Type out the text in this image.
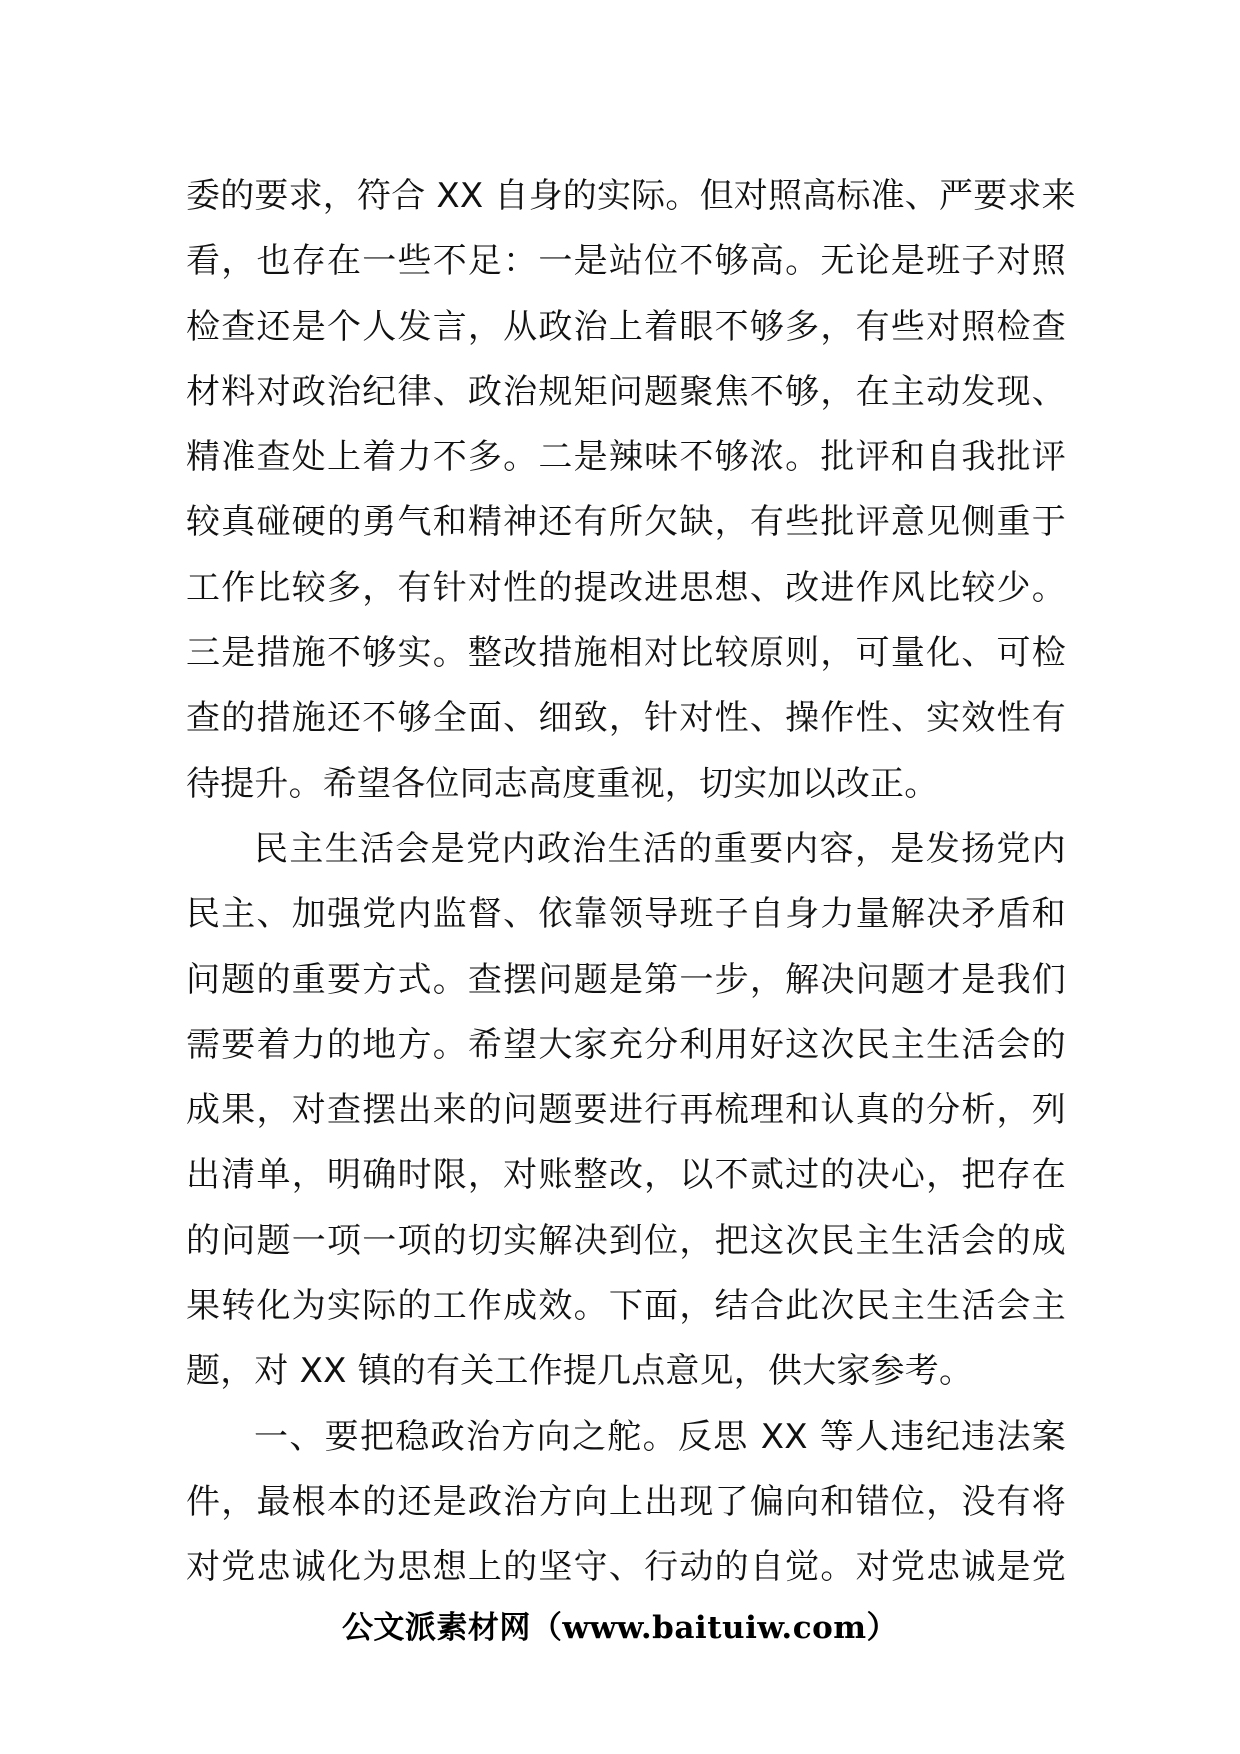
委的要求，符合 XX 自身的实际。但对照高标准、严要求来
看，也存在一些不足：一是站位不够高。无论是班子对照
检查还是个人发言，从政治上着眼不够多，有些对照检查
材料对政治纪律、政治规矩问题聚焦不够，在主动发现、
精准查处上着力不多。二是辣味不够浓。批评和自我批评
较真碰硬的勇气和精神还有所欠缺，有些批评意见侧重于
工作比较多，有针对性的提改进思想、改进作风比较少。
三是措施不够实。整改措施相对比较原则，可量化、可检
查的措施还不够全面、细致，针对性、操作性、实效性有
待提升。希望各位同志高度重视，切实加以改正。
民主生活会是党内政治生活的重要内容，是发扬党内
民主、加强党内监督、依靠领导班子自身力量解决矛盾和
问题的重要方式。查摆问题是第一步，解决问题才是我们
需要着力的地方。希望大家充分利用好这次民主生活会的
成果，对查摆出来的问题要进行再梳理和认真的分析，列
出清单，明确时限，对账整改，以不贰过的决心，把存在
的问题一项一项的切实解决到位，把这次民主生活会的成
果转化为实际的工作成效。下面，结合此次民主生活会主
题，对 XX 镇的有关工作提几点意见，供大家参考。
一、要把稳政治方向之舵。反思 XX 等人违纪违法案
件，最根本的还是政治方向上出现了偏向和错位，没有将
对党忠诚化为思想上的坚守、行动的自觉。对党忠诚是党
公文派素材网（www.baituiw.com）
